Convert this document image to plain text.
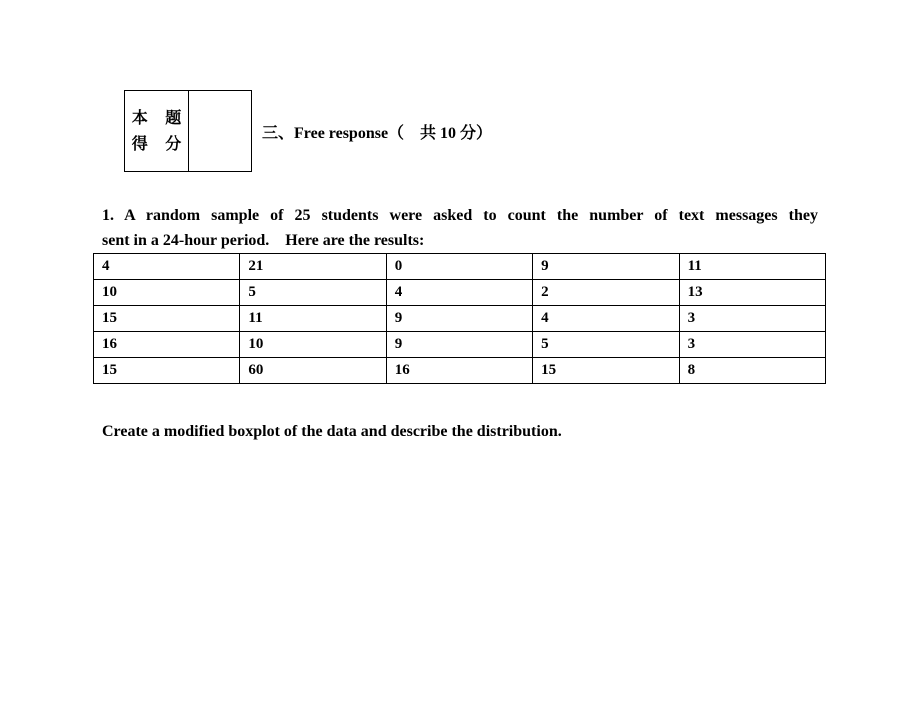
本 题
得 分
三、Free response（　共 10 分）
1. A random sample of 25 students were asked to count the number of text messages they
sent in a 24-hour period.    Here are the results:
4	21	0	9	11
10	5	4	2	13
15	11	9	4	3
16	10	9	5	3
15	60	16	15	8
Create a modified boxplot of the data and describe the distribution.
